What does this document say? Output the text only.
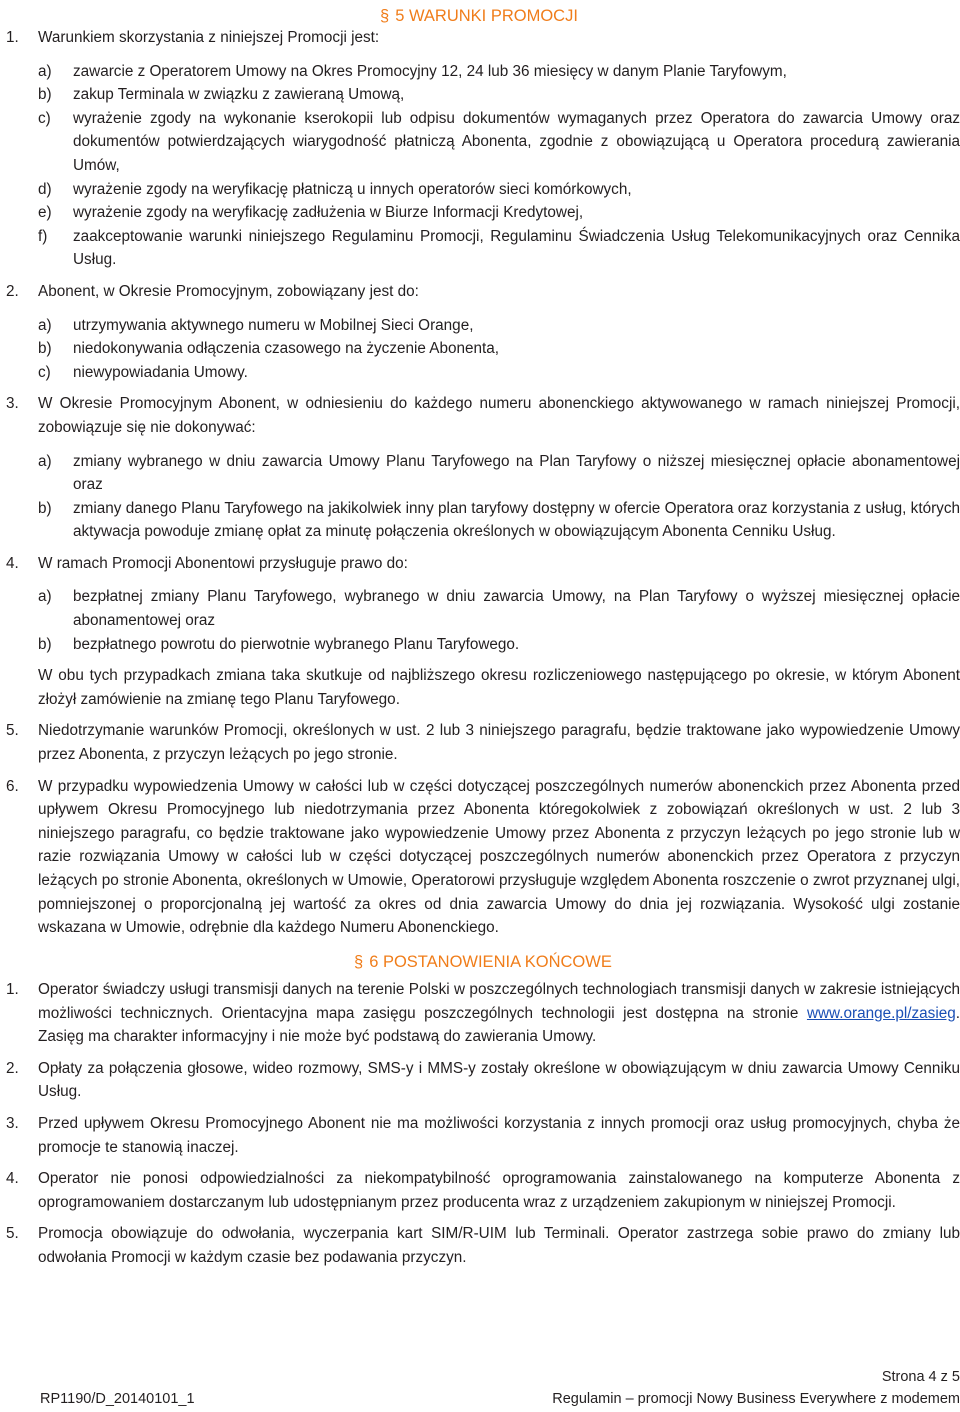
§ 5 WARUNKI PROMOCJI
1.	Warunkiem skorzystania z niniejszej Promocji jest:
a)	zawarcie z Operatorem Umowy na Okres Promocyjny 12, 24 lub 36 miesięcy w danym Planie Taryfowym,
b)	zakup Terminala w związku z zawieraną Umową,
c)	wyrażenie zgody na wykonanie kserokopii lub odpisu dokumentów wymaganych przez Operatora do zawarcia Umowy oraz dokumentów potwierdzających wiarygodność płatniczą Abonenta, zgodnie z obowiązującą u Operatora procedurą zawierania Umów,
d)	wyrażenie zgody na weryfikację płatniczą u innych operatorów sieci komórkowych,
e)	wyrażenie zgody na weryfikację zadłużenia w Biurze Informacji Kredytowej,
f)	zaakceptowanie warunki niniejszego Regulaminu Promocji, Regulaminu Świadczenia Usług Telekomunikacyjnych oraz Cennika Usług.
2.	Abonent, w Okresie Promocyjnym, zobowiązany jest do:
a)	utrzymywania aktywnego numeru w Mobilnej Sieci Orange,
b)	niedokonywania odłączenia czasowego na życzenie Abonenta,
c)	niewypowiadania Umowy.
3.	W Okresie Promocyjnym Abonent, w odniesieniu do każdego numeru abonenckiego aktywowanego w ramach niniejszej Promocji, zobowiązuje się nie dokonywać:
a)	zmiany wybranego w dniu zawarcia Umowy Planu Taryfowego na Plan Taryfowy o niższej miesięcznej opłacie abonamentowej oraz
b)	zmiany danego Planu Taryfowego na jakikolwiek inny plan taryfowy dostępny w ofercie Operatora oraz korzystania z usług, których aktywacja powoduje zmianę opłat za minutę połączenia określonych w obowiązującym Abonenta Cenniku Usług.
4.	W ramach Promocji Abonentowi przysługuje prawo do:
a)	bezpłatnej zmiany Planu Taryfowego, wybranego w dniu zawarcia Umowy, na Plan Taryfowy o wyższej miesięcznej opłacie abonamentowej oraz
b)	bezpłatnego powrotu do pierwotnie wybranego Planu Taryfowego.
W obu tych przypadkach zmiana taka skutkuje od najbliższego okresu rozliczeniowego następującego po okresie, w którym Abonent złożył zamówienie na zmianę tego Planu Taryfowego.
5.	Niedotrzymanie warunków Promocji, określonych w ust. 2 lub 3 niniejszego paragrafu, będzie traktowane jako wypowiedzenie Umowy przez Abonenta, z przyczyn leżących po jego stronie.
6.	W przypadku wypowiedzenia Umowy w całości lub w części dotyczącej poszczególnych numerów abonenckich przez Abonenta przed upływem Okresu Promocyjnego lub niedotrzymania przez Abonenta któregokolwiek z zobowiązań określonych w ust. 2 lub 3 niniejszego paragrafu, co będzie traktowane jako wypowiedzenie Umowy przez Abonenta z przyczyn leżących po jego stronie lub w razie rozwiązania Umowy w całości lub w części dotyczącej poszczególnych numerów abonenckich przez Operatora z przyczyn leżących po stronie Abonenta, określonych w Umowie, Operatorowi przysługuje względem Abonenta roszczenie o zwrot przyznanej ulgi, pomniejszonej o proporcjonalną jej wartość za okres od dnia zawarcia Umowy do dnia jej rozwiązania. Wysokość ulgi zostanie wskazana w Umowie, odrębnie dla każdego Numeru Abonenckiego.
§ 6 POSTANOWIENIA KOŃCOWE
1.	Operator świadczy usługi transmisji danych na terenie Polski w poszczególnych technologiach transmisji danych w zakresie istniejących możliwości technicznych. Orientacyjna mapa zasięgu poszczególnych technologii jest dostępna na stronie www.orange.pl/zasieg. Zasięg ma charakter informacyjny i nie może być podstawą do zawierania Umowy.
2.	Opłaty za połączenia głosowe, wideo rozmowy, SMS-y i MMS-y zostały określone w obowiązującym w dniu zawarcia Umowy Cenniku Usług.
3.	Przed upływem Okresu Promocyjnego Abonent nie ma możliwości korzystania z innych promocji oraz usług promocyjnych, chyba że promocje te stanowią inaczej.
4.	Operator nie ponosi odpowiedzialności za niekompatybilność oprogramowania zainstalowanego na komputerze Abonenta z oprogramowaniem dostarczanym lub udostępnianym przez producenta wraz z urządzeniem zakupionym w niniejszej Promocji.
5.	Promocja obowiązuje do odwołania, wyczerpania kart SIM/R-UIM lub Terminali. Operator zastrzega sobie prawo do zmiany lub odwołania Promocji w każdym czasie bez podawania przyczyn.
Strona 4 z 5
RP1190/D_20140101_1	Regulamin – promocji Nowy Business Everywhere z modemem
